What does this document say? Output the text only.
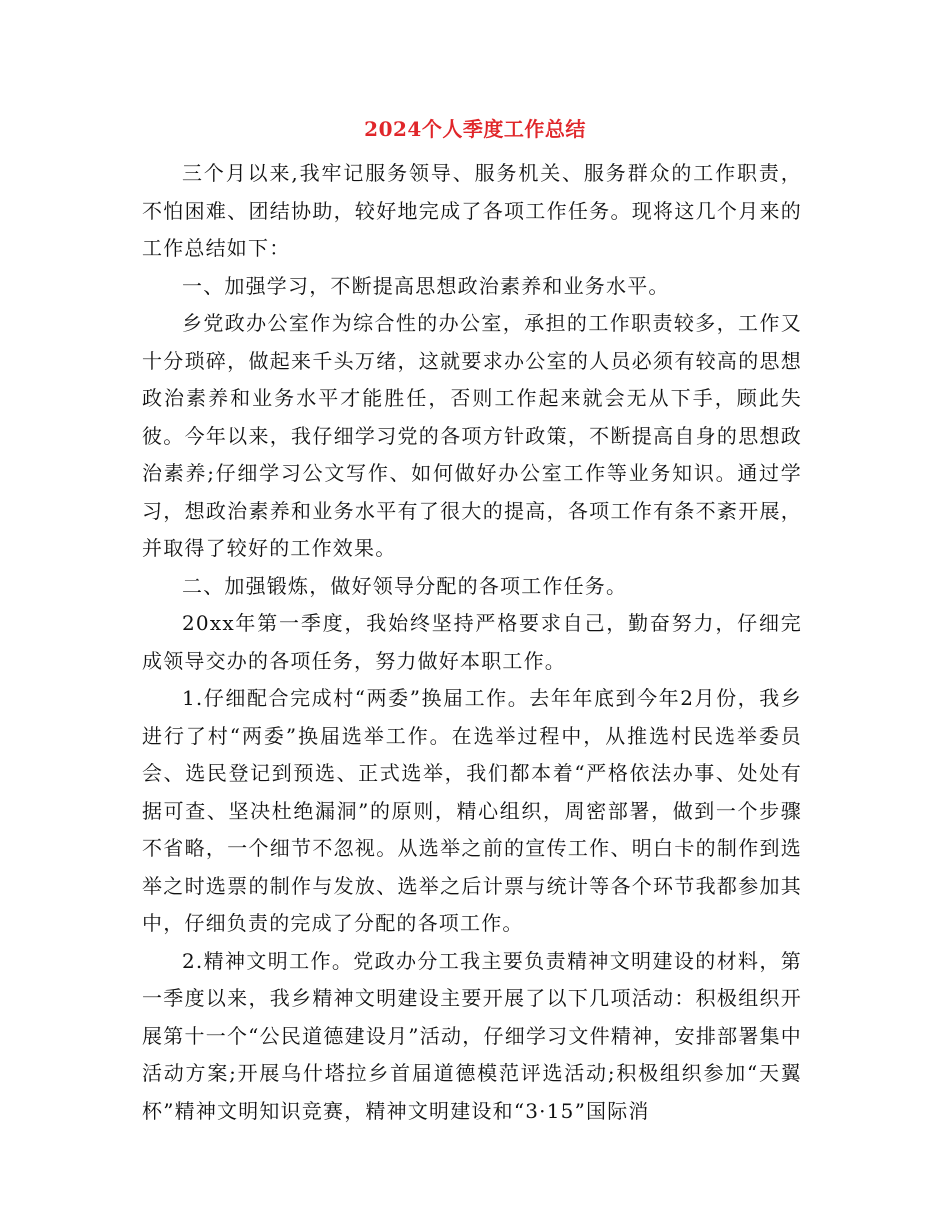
2024个人季度工作总结

三个月以来,我牢记服务领导、服务机关、服务群众的工作职责，不怕困难、团结协助，较好地完成了各项工作任务。现将这几个月来的工作总结如下：

一、加强学习，不断提高思想政治素养和业务水平。

乡党政办公室作为综合性的办公室，承担的工作职责较多，工作又十分琐碎，做起来千头万绪，这就要求办公室的人员必须有较高的思想政治素养和业务水平才能胜任，否则工作起来就会无从下手，顾此失彼。今年以来，我仔细学习党的各项方针政策，不断提高自身的思想政治素养;仔细学习公文写作、如何做好办公室工作等业务知识。通过学习，想政治素养和业务水平有了很大的提高，各项工作有条不紊开展，并取得了较好的工作效果。

二、加强锻炼，做好领导分配的各项工作任务。

20xx年第一季度，我始终坚持严格要求自己，勤奋努力，仔细完成领导交办的各项任务，努力做好本职工作。

1.仔细配合完成村“两委”换届工作。去年年底到今年2月份，我乡进行了村“两委”换届选举工作。在选举过程中，从推选村民选举委员会、选民登记到预选、正式选举，我们都本着“严格依法办事、处处有据可查、坚决杜绝漏洞”的原则，精心组织，周密部署，做到一个步骤不省略，一个细节不忽视。从选举之前的宣传工作、明白卡的制作到选举之时选票的制作与发放、选举之后计票与统计等各个环节我都参加其中，仔细负责的完成了分配的各项工作。

2.精神文明工作。党政办分工我主要负责精神文明建设的材料，第一季度以来，我乡精神文明建设主要开展了以下几项活动：积极组织开展第十一个“公民道德建设月”活动，仔细学习文件精神，安排部署集中活动方案;开展乌什塔拉乡首届道德模范评选活动;积极组织参加“天翼杯”精神文明知识竞赛，精神文明建设和“3·15”国际消
